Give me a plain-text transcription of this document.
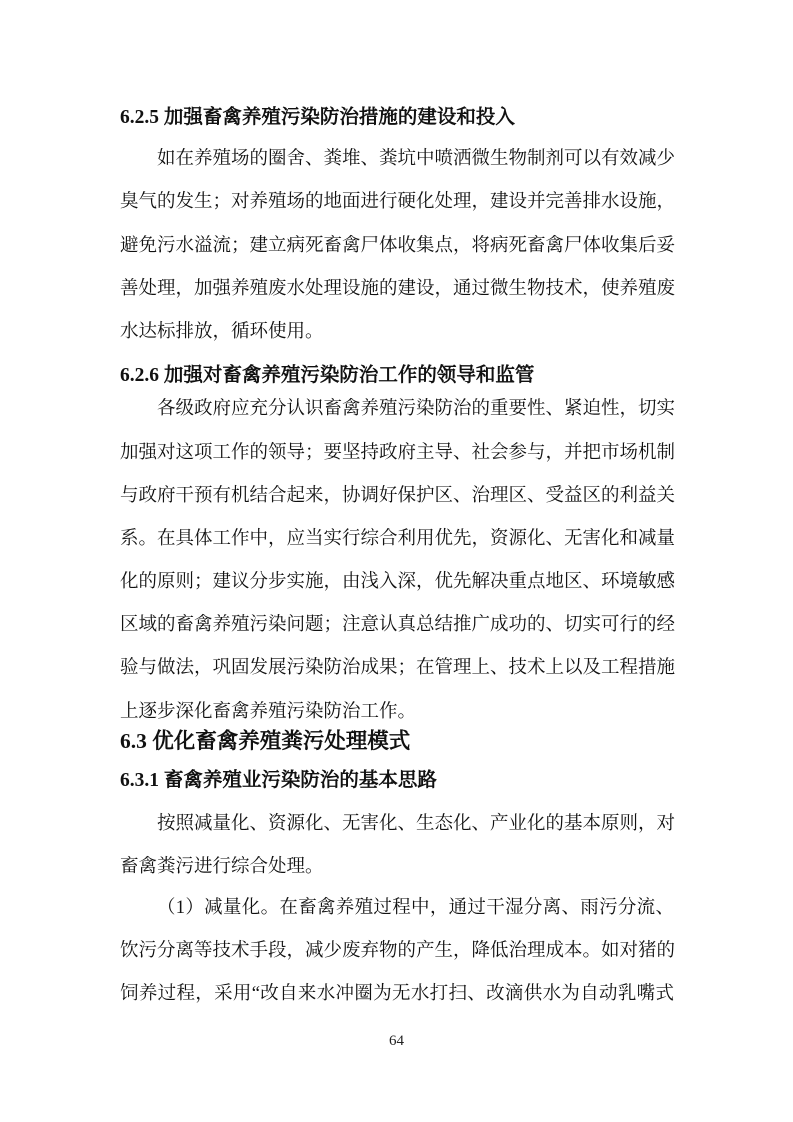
6.2.5 加强畜禽养殖污染防治措施的建设和投入
如在养殖场的圈舍、粪堆、粪坑中喷洒微生物制剂可以有效减少
臭气的发生；对养殖场的地面进行硬化处理，建设并完善排水设施，
避免污水溢流；建立病死畜禽尸体收集点，将病死畜禽尸体收集后妥
善处理，加强养殖废水处理设施的建设，通过微生物技术，使养殖废
水达标排放，循环使用。
6.2.6 加强对畜禽养殖污染防治工作的领导和监管
各级政府应充分认识畜禽养殖污染防治的重要性、紧迫性，切实
加强对这项工作的领导；要坚持政府主导、社会参与，并把市场机制
与政府干预有机结合起来，协调好保护区、治理区、受益区的利益关
系。在具体工作中，应当实行综合利用优先，资源化、无害化和减量
化的原则；建议分步实施，由浅入深，优先解决重点地区、环境敏感
区域的畜禽养殖污染问题；注意认真总结推广成功的、切实可行的经
验与做法，巩固发展污染防治成果；在管理上、技术上以及工程措施
上逐步深化畜禽养殖污染防治工作。
6.3 优化畜禽养殖粪污处理模式
6.3.1 畜禽养殖业污染防治的基本思路
按照减量化、资源化、无害化、生态化、产业化的基本原则，对
畜禽粪污进行综合处理。
（1）减量化。在畜禽养殖过程中，通过干湿分离、雨污分流、
饮污分离等技术手段，减少废弃物的产生，降低治理成本。如对猪的
饲养过程，采用“改自来水冲圈为无水打扫、改滴供水为自动乳嘴式
64
